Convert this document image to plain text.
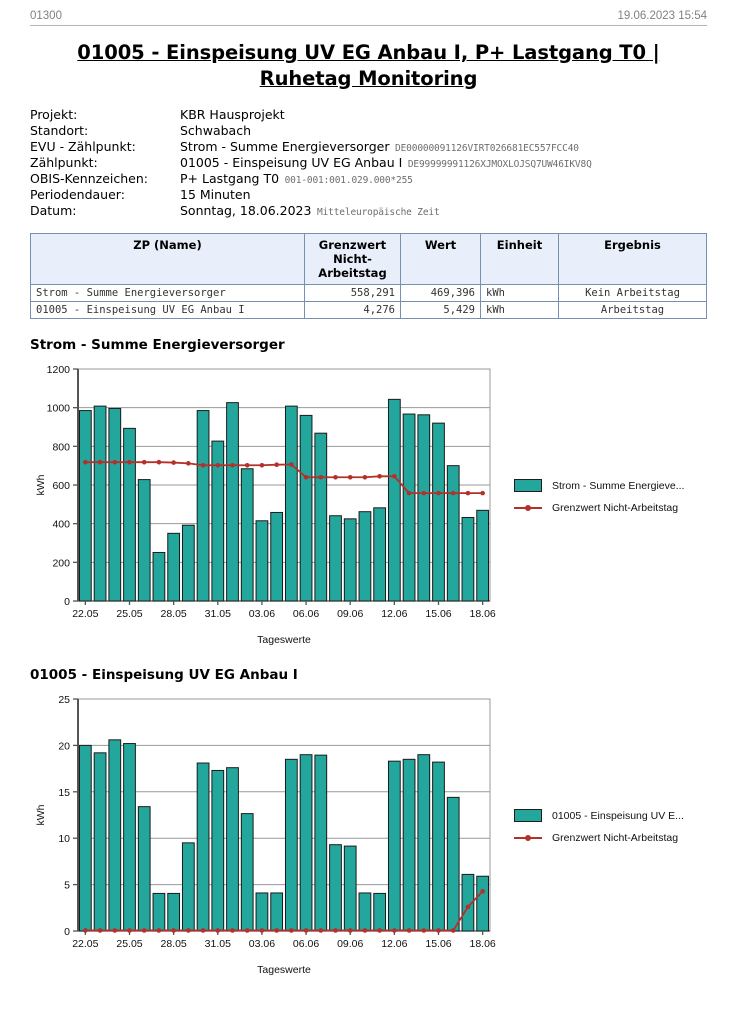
01300	19.06.2023 15:54
01005 - Einspeisung UV EG Anbau I, P+ Lastgang T0 | Ruhetag Monitoring
Projekt:	KBR Hausprojekt
Standort:	Schwabach
EVU - Zählpunkt:	Strom - Summe Energieversorger DE00000091126VIRT026681EC557FCC40
Zählpunkt:	01005 - Einspeisung UV EG Anbau I DE99999991126XJMOXLOJSQ7UW46IKV8Q
OBIS-Kennzeichen:	P+ Lastgang T0 001-001:001.029.000*255
Periodendauer:	15 Minuten
Datum:	Sonntag, 18.06.2023 Mitteleuropäische Zeit
ZP (Name)	Grenzwert Nicht-Arbeitstag	Wert	Einheit	Ergebnis
Strom - Summe Energieversorger	558,291	469,396	kWh	Kein Arbeitstag
01005 - Einspeisung UV EG Anbau I	4,276	5,429	kWh	Arbeitstag
Strom - Summe Energieversorger
0
200
400
600
800
1000
1200
kWh
22.05 25.05 28.05 31.05 03.06 06.06 09.06 12.06 15.06 18.06
Tageswerte
Strom - Summe Energieve...
Grenzwert Nicht-Arbeitstag
01005 - Einspeisung UV EG Anbau I
0
5
10
15
20
25
kWh
22.05 25.05 28.05 31.05 03.06 06.06 09.06 12.06 15.06 18.06
Tageswerte
01005 - Einspeisung UV E...
Grenzwert Nicht-Arbeitstag
